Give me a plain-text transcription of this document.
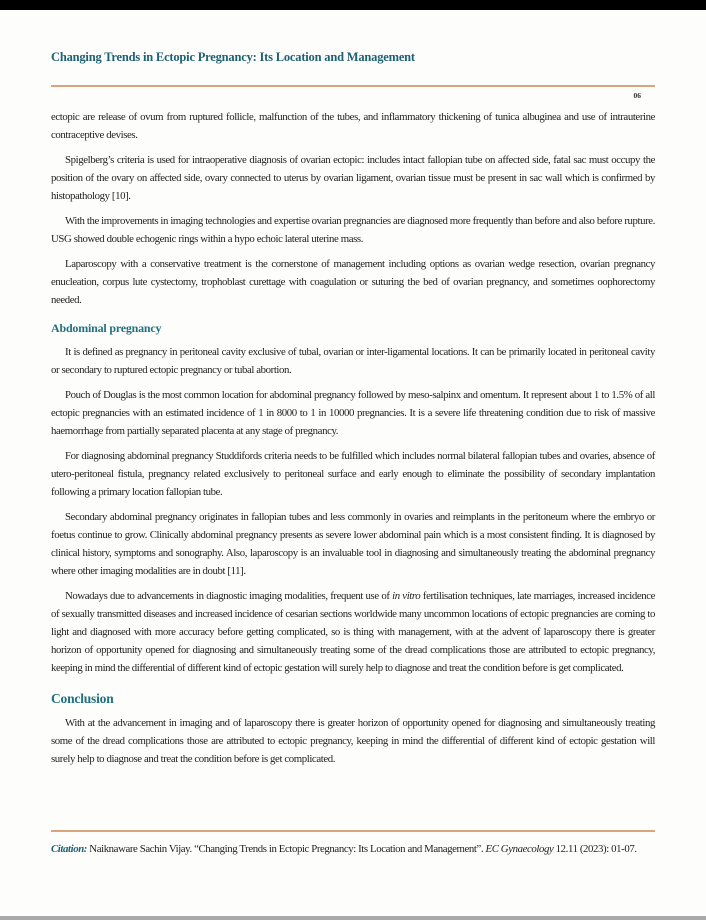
Changing Trends in Ectopic Pregnancy: Its Location and Management
06

ectopic are release of ovum from ruptured follicle, malfunction of the tubes, and inflammatory thickening of tunica albuginea and use of intrauterine contraceptive devises.

Spigelberg’s criteria is used for intraoperative diagnosis of ovarian ectopic: includes intact fallopian tube on affected side, fatal sac must occupy the position of the ovary on affected side, ovary connected to uterus by ovarian ligament, ovarian tissue must be present in sac wall which is confirmed by histopathology [10].

With the improvements in imaging technologies and expertise ovarian pregnancies are diagnosed more frequently than before and also before rupture. USG showed double echogenic rings within a hypo echoic lateral uterine mass.

Laparoscopy with a conservative treatment is the cornerstone of management including options as ovarian wedge resection, ovarian pregnancy enucleation, corpus lute cystectomy, trophoblast curettage with coagulation or suturing the bed of ovarian pregnancy, and sometimes oophorectomy needed.

Abdominal pregnancy

It is defined as pregnancy in peritoneal cavity exclusive of tubal, ovarian or inter-ligamental locations. It can be primarily located in peritoneal cavity or secondary to ruptured ectopic pregnancy or tubal abortion.

Pouch of Douglas is the most common location for abdominal pregnancy followed by meso-salpinx and omentum. It represent about 1 to 1.5% of all ectopic pregnancies with an estimated incidence of 1 in 8000 to 1 in 10000 pregnancies. It is a severe life threatening condition due to risk of massive haemorrhage from partially separated placenta at any stage of pregnancy.

For diagnosing abdominal pregnancy Studdifords criteria needs to be fulfilled which includes normal bilateral fallopian tubes and ovaries, absence of utero-peritoneal fistula, pregnancy related exclusively to peritoneal surface and early enough to eliminate the possibility of secondary implantation following a primary location fallopian tube.

Secondary abdominal pregnancy originates in fallopian tubes and less commonly in ovaries and reimplants in the peritoneum where the embryo or foetus continue to grow. Clinically abdominal pregnancy presents as severe lower abdominal pain which is a most consistent finding. It is diagnosed by clinical history, symptoms and sonography. Also, laparoscopy is an invaluable tool in diagnosing and simultaneously treating the abdominal pregnancy where other imaging modalities are in doubt [11].

Nowadays due to advancements in diagnostic imaging modalities, frequent use of in vitro fertilisation techniques, late marriages, increased incidence of sexually transmitted diseases and increased incidence of cesarian sections worldwide many uncommon locations of ectopic pregnancies are coming to light and diagnosed with more accuracy before getting complicated, so is thing with management, with at the advent of laparoscopy there is greater horizon of opportunity opened for diagnosing and simultaneously treating some of the dread complications those are attributed to ectopic pregnancy, keeping in mind the differential of different kind of ectopic gestation will surely help to diagnose and treat the condition before is get complicated.

Conclusion

With at the advancement in imaging and of laparoscopy there is greater horizon of opportunity opened for diagnosing and simultaneously treating some of the dread complications those are attributed to ectopic pregnancy, keeping in mind the differential of different kind of ectopic gestation will surely help to diagnose and treat the condition before is get complicated.

Citation: Naiknaware Sachin Vijay. “Changing Trends in Ectopic Pregnancy: Its Location and Management”. EC Gynaecology 12.11 (2023): 01-07.
